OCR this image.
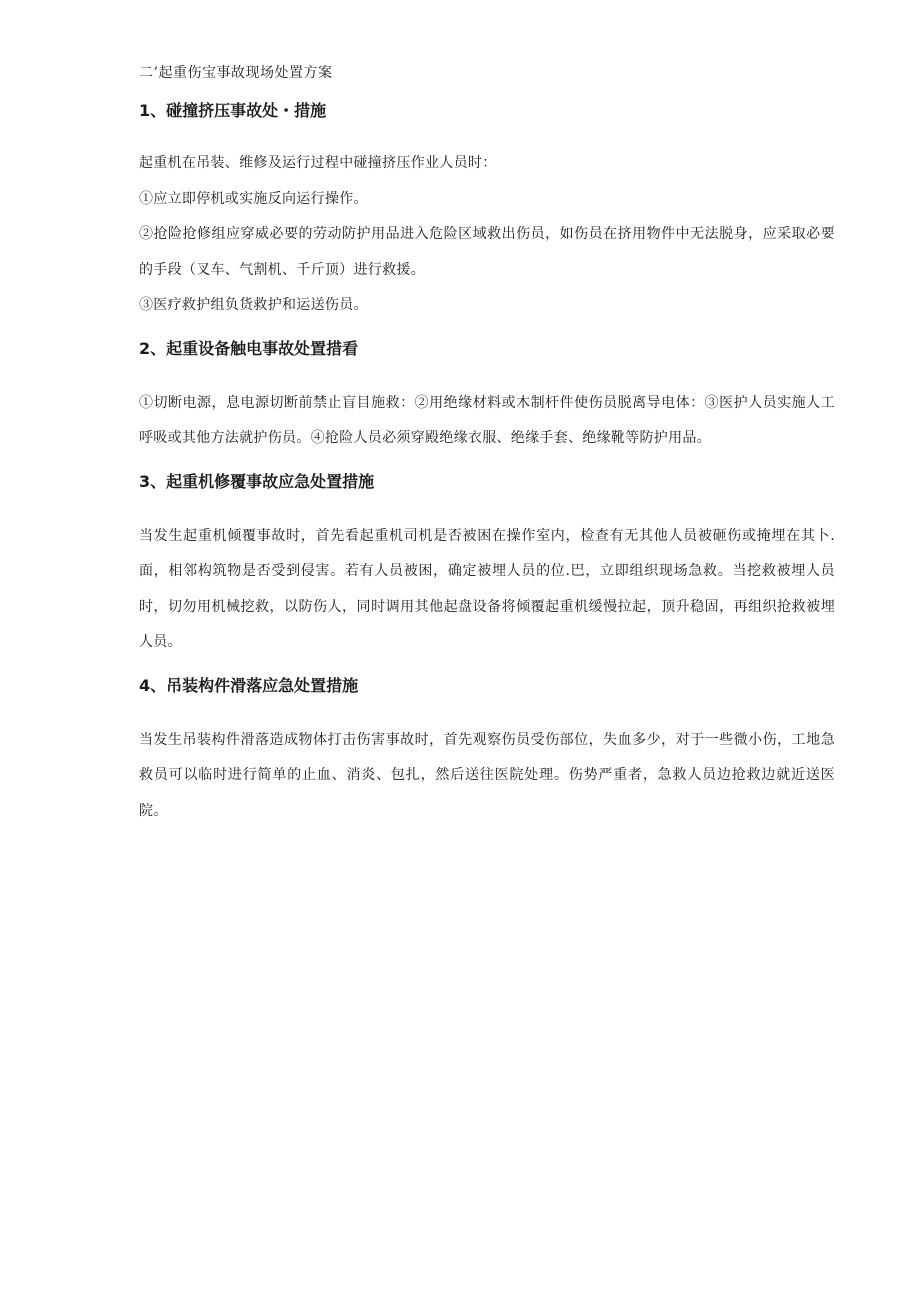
二’起重伤宝事故现场处置方案
1、碰撞挤压事故处・措施

起重机在吊装、维修及运行过程中碰撞挤压作业人员时：

①应立即停机或实施反向运行操作。

②抢险抢修组应穿威必要的劳动防护用品进入危险区域救出伤员，如伤员在挤用物件中无法脱身，应采取必要的手段（叉车、气割机、千斤顶）进行救援。

③医疗救护组负货救护和运送伤员。

2、起重设备触电事故处置措看

①切断电源，息电源切断前禁止盲目施救：②用绝缘材料或木制杆件使伤员脱离导电体：③医护人员实施人工呼吸或其他方法就护伤员。④抢险人员必须穿殿绝缘衣服、绝缘手套、绝缘靴等防护用品。

3、起重机修覆事故应急处置措施

当发生起重机倾覆事故时，首先看起重机司机是否被困在操作室内，检查有无其他人员被砸伤或掩埋在其卜.面，相邻构筑物是否受到侵害。若有人员被困，确定被埋人员的位.巴，立即组织现场急救。当挖救被埋人员时，切勿用机械挖救，以防伤人，同时调用其他起盘设备将倾覆起重机缓慢拉起，顶升稳固，再组织抢救被埋人员。

4、吊装构件滑落应急处置措施

当发生吊装构件滑落造成物体打击伤害事故时，首先观察伤员受伤部位，失血多少，对于一些微小伤，工地急救员可以临时进行简单的止血、消炎、包扎，然后送往医院处理。伤势严重者，急救人员边抢救边就近送医院。
